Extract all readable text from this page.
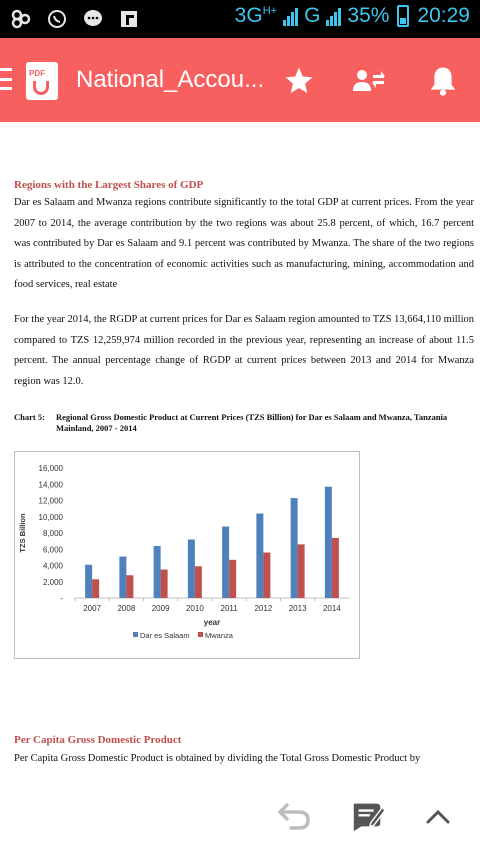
$3G^{H+}$ G 35% 20:29
PDF National_Accou...
Regions with the Largest Shares of GDP
Dar es Salaam and Mwanza regions contribute significantly to the total GDP at current prices. From the year 2007 to 2014, the average contribution by the two regions was about 25.8 percent, of which, 16.7 percent was contributed by Dar es Salaam and 9.1 percent was contributed by Mwanza. The share of the two regions is attributed to the concentration of economic activities such as manufacturing, mining, accommodation and food services, real estate
For the year 2014, the RGDP at current prices for Dar es Salaam region amounted to TZS 13,664,110 million compared to TZS 12,259,974 million recorded in the previous year, representing an increase of about 11.5 percent. The annual percentage change of RGDP at current prices between 2013 and 2014 for Mwanza region was 12.0.
Chart 5:	Regional Gross Domestic Product at Current Prices (TZS Billion) for Dar es Salaam and Mwanza, Tanzania Mainland, 2007 - 2014
-
2,000
4,000
6,000
8,000
10,000
12,000
14,000
16,000
TZS Billion
2007 2008 2009 2010 2011 2012 2013 2014
year
Dar es Salaam Mwanza
Per Capita Gross Domestic Product
Per Capita Gross Domestic Product is obtained by dividing the Total Gross Domestic Product by
